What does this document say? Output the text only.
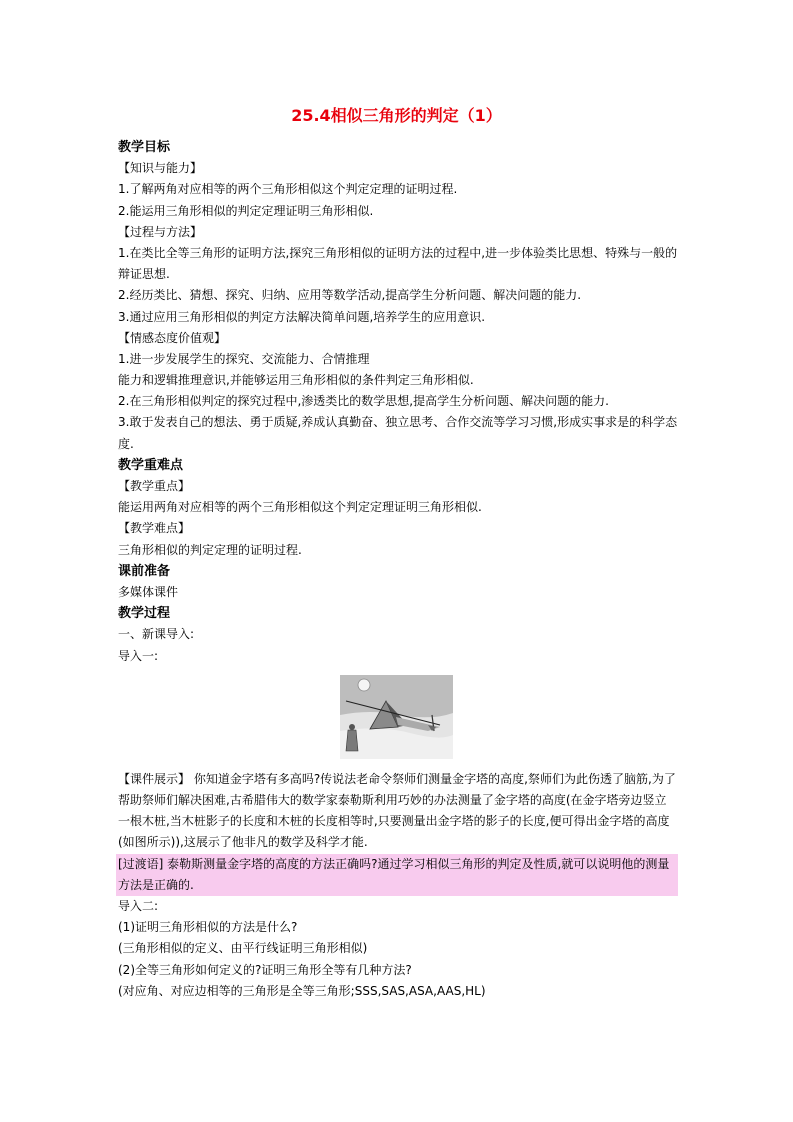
25.4相似三角形的判定（1）
教学目标
【知识与能力】
1.了解两角对应相等的两个三角形相似这个判定定理的证明过程.
2.能运用三角形相似的判定定理证明三角形相似.
【过程与方法】
1.在类比全等三角形的证明方法,探究三角形相似的证明方法的过程中,进一步体验类比思想、特殊与一般的辩证思想.
2.经历类比、猜想、探究、归纳、应用等数学活动,提高学生分析问题、解决问题的能力.
3.通过应用三角形相似的判定方法解决简单问题,培养学生的应用意识.
【情感态度价值观】
1.进一步发展学生的探究、交流能力、合情推理
能力和逻辑推理意识,并能够运用三角形相似的条件判定三角形相似.
2.在三角形相似判定的探究过程中,渗透类比的数学思想,提高学生分析问题、解决问题的能力.
3.敢于发表自己的想法、勇于质疑,养成认真勤奋、独立思考、合作交流等学习习惯,形成实事求是的科学态度.
教学重难点
【教学重点】
能运用两角对应相等的两个三角形相似这个判定定理证明三角形相似.
【教学难点】
三角形相似的判定定理的证明过程.
课前准备
多媒体课件
教学过程
一、新课导入:
导入一:
【课件展示】 你知道金字塔有多高吗?传说法老命令祭师们测量金字塔的高度,祭师们为此伤透了脑筋,为了帮助祭师们解决困难,古希腊伟大的数学家泰勒斯利用巧妙的办法测量了金字塔的高度(在金字塔旁边竖立一根木桩,当木桩影子的长度和木桩的长度相等时,只要测量出金字塔的影子的长度,便可得出金字塔的高度(如图所示)),这展示了他非凡的数学及科学才能.
[过渡语] 泰勒斯测量金字塔的高度的方法正确吗?通过学习相似三角形的判定及性质,就可以说明他的测量方法是正确的.
导入二:
(1)证明三角形相似的方法是什么?
(三角形相似的定义、由平行线证明三角形相似)
(2)全等三角形如何定义的?证明三角形全等有几种方法?
(对应角、对应边相等的三角形是全等三角形;SSS,SAS,ASA,AAS,HL)
